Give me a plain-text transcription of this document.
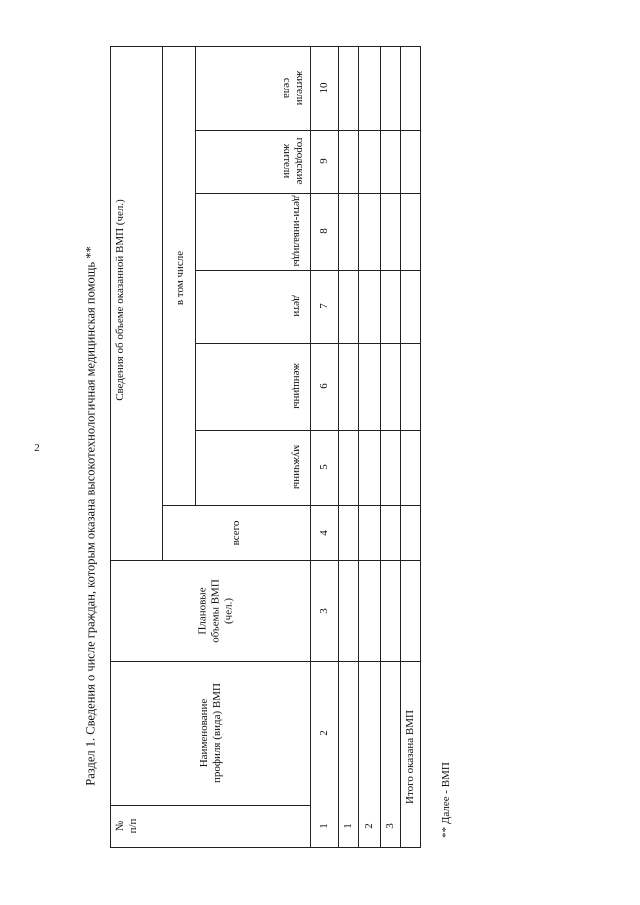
2	Раздел 1. Сведения о числе граждан, которым оказана высокотехнологичная медицинская помощь **
** Далее - ВМП
№ п/п
Наименование профиля (вида) ВМП
Плановые объемы ВМП (чел.)
Сведения об объеме оказанной ВМП (чел.)
всего
в том числе
мужчины
женщины
дети
дети-инвалиды
городские
жители
жители
села
1
2
3
4
5
6
7
8
9
10
1 2 3
Итого оказана ВМП
